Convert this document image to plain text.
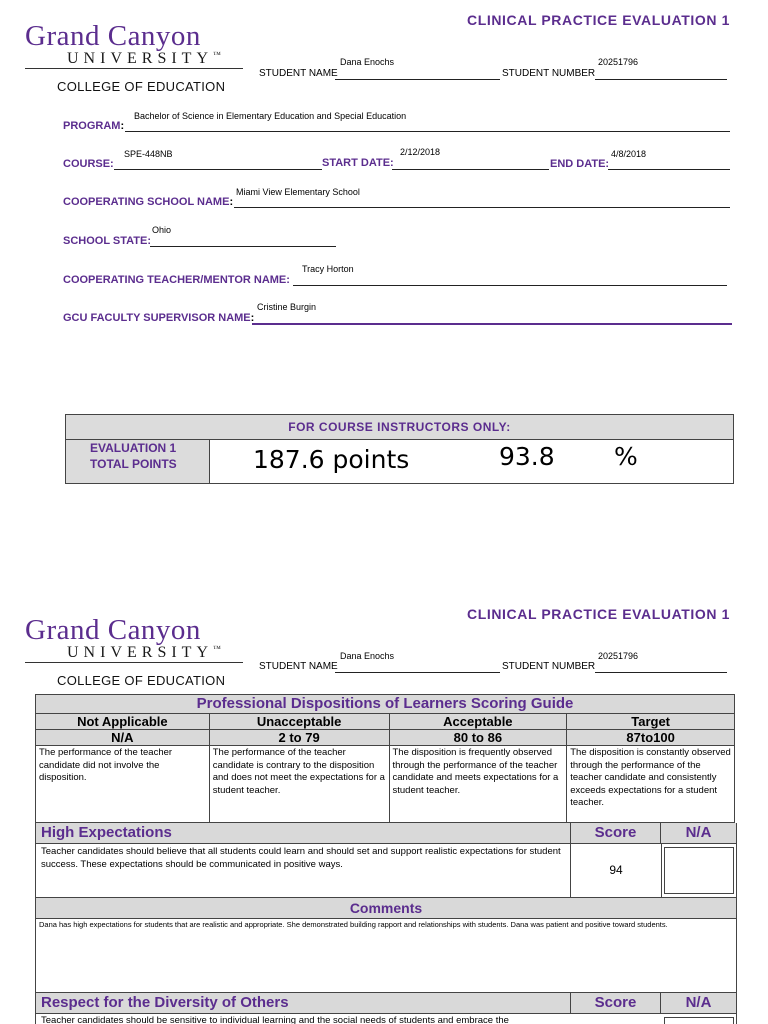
Grand Canyon
UNIVERSITY™
COLLEGE OF EDUCATION
CLINICAL PRACTICE EVALUATION 1
Dana Enochs	20251796
STUDENT NAME	STUDENT NUMBER
Bachelor of Science in Elementary Education and Special Education
PROGRAM:
SPE-448NB	2/12/2018	4/8/2018
COURSE:	START DATE:	END DATE:
Miami View Elementary School
COOPERATING SCHOOL NAME:
Ohio
SCHOOL STATE:
Tracy Horton
COOPERATING TEACHER/MENTOR NAME:
Cristine Burgin
GCU FACULTY SUPERVISOR NAME:
FOR COURSE INSTRUCTORS ONLY:
EVALUATION 1
TOTAL POINTS	187.6 points	93.8 %
Grand Canyon
UNIVERSITY™
COLLEGE OF EDUCATION
CLINICAL PRACTICE EVALUATION 1
Dana Enochs	20251796
STUDENT NAME	STUDENT NUMBER
Professional Dispositions of Learners Scoring Guide			
Not Applicable	Unacceptable	Acceptable	Target
N/A	2 to 79	80 to 86	87to100
The performance of the teacher candidate did not involve the disposition.	The performance of the teacher candidate is contrary to the disposition and does not meet the expectations for a student teacher.	The disposition is frequently observed through the performance of the teacher candidate and meets expectations for a student teacher.	The disposition is constantly observed through the performance of the teacher candidate and consistently exceeds expectations for a student teacher.
High Expectations	Score	N/A
Teacher candidates should believe that all students could learn and should set and support realistic expectations for student success. These expectations should be communicated in positive ways.	94
Comments
Dana has high expectations for students that are realistic and appropriate. She demonstrated building rapport and relationships with students. Dana was patient and positive toward students.
Respect for the Diversity of Others	Score	N/A
Teacher candidates should be sensitive to individual learning and the social needs of students and embrace the
